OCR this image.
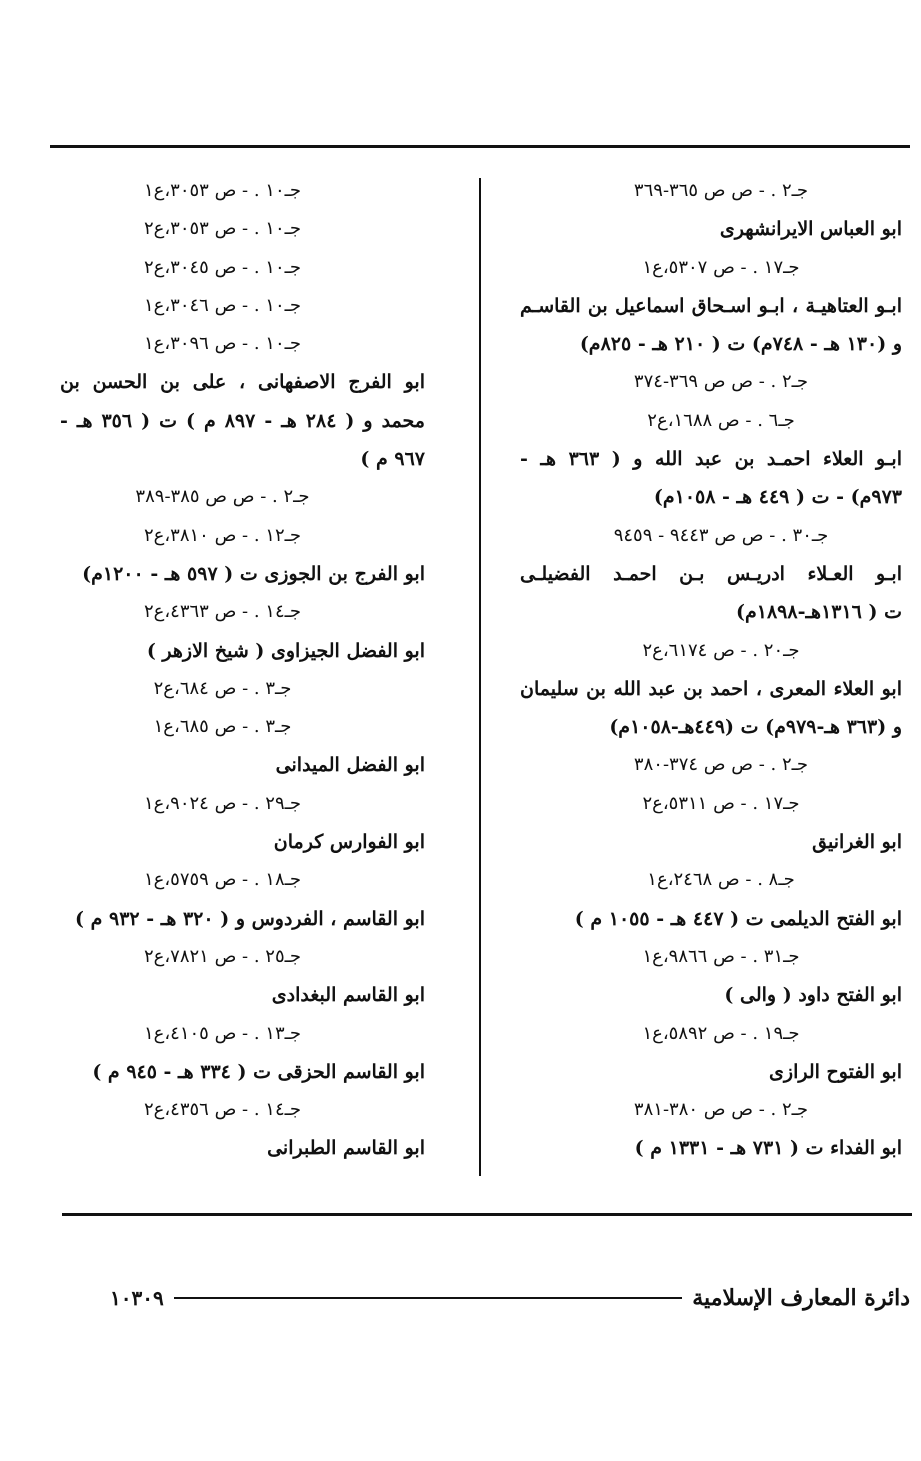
جـ٢ . - ص ص ٣٦٥-٣٦٩
ابو العباس الايرانشهرى
جـ١٧ . - ص ٥٣٠٧،ع١
ابـو العتاهيـة ، ابـو اسـحاق اسماعيل بن القاسـم
و (١٣٠ هـ - ٧٤٨م) ت ( ٢١٠ هـ - ٨٢٥م)
جـ٢ . - ص ص ٣٦٩-٣٧٤
جـ٦ . - ص ١٦٨٨،ع٢
ابـو العلاء احمـد بن عبد الله و ( ٣٦٣ هـ -
٩٧٣م) - ت ( ٤٤٩ هـ - ١٠٥٨م)
جـ٣٠ . - ص ص ٩٤٤٣ - ٩٤٥٩
ابـو العـلاء ادريـس بـن احمـد الفضيلـى
ت ( ١٣١٦هـ-١٨٩٨م)
جـ٢٠ . - ص ٦١٧٤،ع٢
ابو العلاء المعرى ، احمد بن عبد الله بن سليمان
و (٣٦٣ هـ-٩٧٩م) ت (٤٤٩هـ-١٠٥٨م)
جـ٢ . - ص ص ٣٧٤-٣٨٠
جـ١٧ . - ص ٥٣١١،ع٢
ابو الغرانيق
جـ٨ . - ص ٢٤٦٨،ع١
ابو الفتح الديلمى ت ( ٤٤٧ هـ - ١٠٥٥ م )
جـ٣١ . - ص ٩٨٦٦،ع١
ابو الفتح داود ( والى )
جـ١٩ . - ص ٥٨٩٢،ع١
ابو الفتوح الرازى
جـ٢ . - ص ص ٣٨٠-٣٨١
ابو الفداء ت ( ٧٣١ هـ - ١٣٣١ م )
جـ١٠ . - ص ٣٠٥٣،ع١
جـ١٠ . - ص ٣٠٥٣،ع٢
جـ١٠ . - ص ٣٠٤٥،ع٢
جـ١٠ . - ص ٣٠٤٦،ع١
جـ١٠ . - ص ٣٠٩٦،ع١
ابو الفرج الاصفهانى ، على بن الحسن بن
محمد و ( ٢٨٤ هـ - ٨٩٧ م ) ت ( ٣٥٦ هـ -
٩٦٧ م )
جـ٢ . - ص ص ٣٨٥-٣٨٩
جـ١٢ . - ص ٣٨١٠،ع٢
ابو الفرج بن الجوزى ت ( ٥٩٧ هـ - ١٢٠٠م)
جـ١٤ . - ص ٤٣٦٣،ع٢
ابو الفضل الجيزاوى ( شيخ الازهر )
جـ٣ . - ص ٦٨٤،ع٢
جـ٣ . - ص ٦٨٥،ع١
ابو الفضل الميدانى
جـ٢٩ . - ص ٩٠٢٤،ع١
ابو الفوارس كرمان
جـ١٨ . - ص ٥٧٥٩،ع١
ابو القاسم ، الفردوس و ( ٣٢٠ هـ - ٩٣٢ م )
جـ٢٥ . - ص ٧٨٢١،ع٢
ابو القاسم البغدادى
جـ١٣ . - ص ٤١٠٥،ع١
ابو القاسم الحزقى ت ( ٣٣٤ هـ - ٩٤٥ م )
جـ١٤ . - ص ٤٣٥٦،ع٢
ابو القاسم الطبرانى
دائرة المعارف الإسلامية
١٠٣٠٩
